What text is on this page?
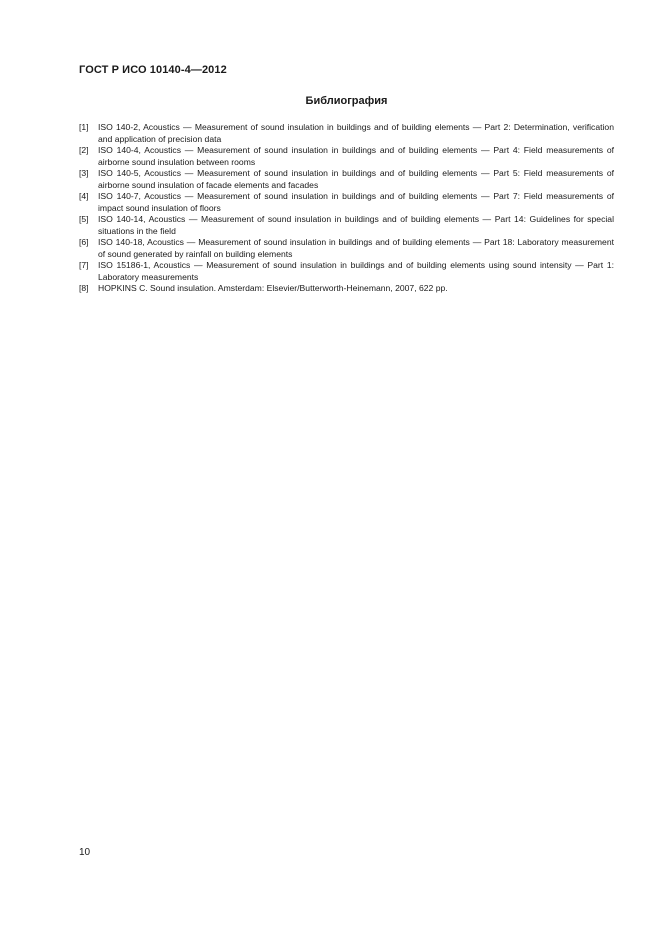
ГОСТ Р ИСО 10140-4—2012
Библиография
[1] ISO 140-2, Acoustics — Measurement of sound insulation in buildings and of building elements — Part 2: Determination, verification and application of precision data
[2] ISO 140-4, Acoustics — Measurement of sound insulation in buildings and of building elements — Part 4: Field measurements of airborne sound insulation between rooms
[3] ISO 140-5, Acoustics — Measurement of sound insulation in buildings and of building elements — Part 5: Field measurements of airborne sound insulation of facade elements and facades
[4] ISO 140-7, Acoustics — Measurement of sound insulation in buildings and of building elements — Part 7: Field measurements of impact sound insulation of floors
[5] ISO 140-14, Acoustics — Measurement of sound insulation in buildings and of building elements — Part 14: Guidelines for special situations in the field
[6] ISO 140-18, Acoustics — Measurement of sound insulation in buildings and of building elements — Part 18: Laboratory measurement of sound generated by rainfall on building elements
[7] ISO 15186-1, Acoustics — Measurement of sound insulation in buildings and of building elements using sound intensity — Part 1: Laboratory measurements
[8] HOPKINS C. Sound insulation. Amsterdam: Elsevier/Butterworth-Heinemann, 2007, 622 pp.
10
